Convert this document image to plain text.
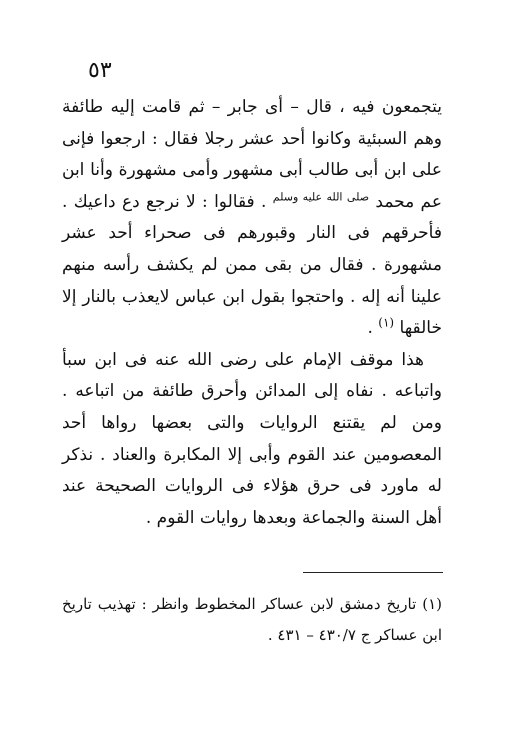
٥٣

يتجمعون فيه ، قال – أى جابر – ثم قامت إليه طائفة وهم السبئية وكانوا أحد عشر رجلا فقال : ارجعوا فإنى على ابن أبى طالب أبى مشهور وأمى مشهورة وأنا ابن عم محمد $^{صلى الله عليه وسلم}$ . فقالوا : لا نرجع دع داعيك . فأحرقهم فى النار وقبورهم فى صحراء أحد عشر مشهورة . فقال من بقى ممن لم يكشف رأسه منهم علينا أنه إله . واحتجوا بقول ابن عباس لايعذب بالنار إلا خالقها $^{(١)}$ .

هذا موقف الإمام على رضى الله عنه فى ابن سبأ واتباعه . نفاه إلى المدائن وأحرق طائفة من اتباعه . ومن لم يقتنع الروايات والتى بعضها رواها أحد المعصومين عند القوم وأبى إلا المكابرة والعناد . نذكر له ماورد فى حرق هؤلاء فى الروايات الصحيحة عند أهل السنة والجماعة وبعدها روايات القوم .

(١) تاريخ دمشق لابن عساكر المخطوط وانظر : تهذيب تاريخ ابن عساكر ج ٤٣٠/٧ – ٤٣١ .
